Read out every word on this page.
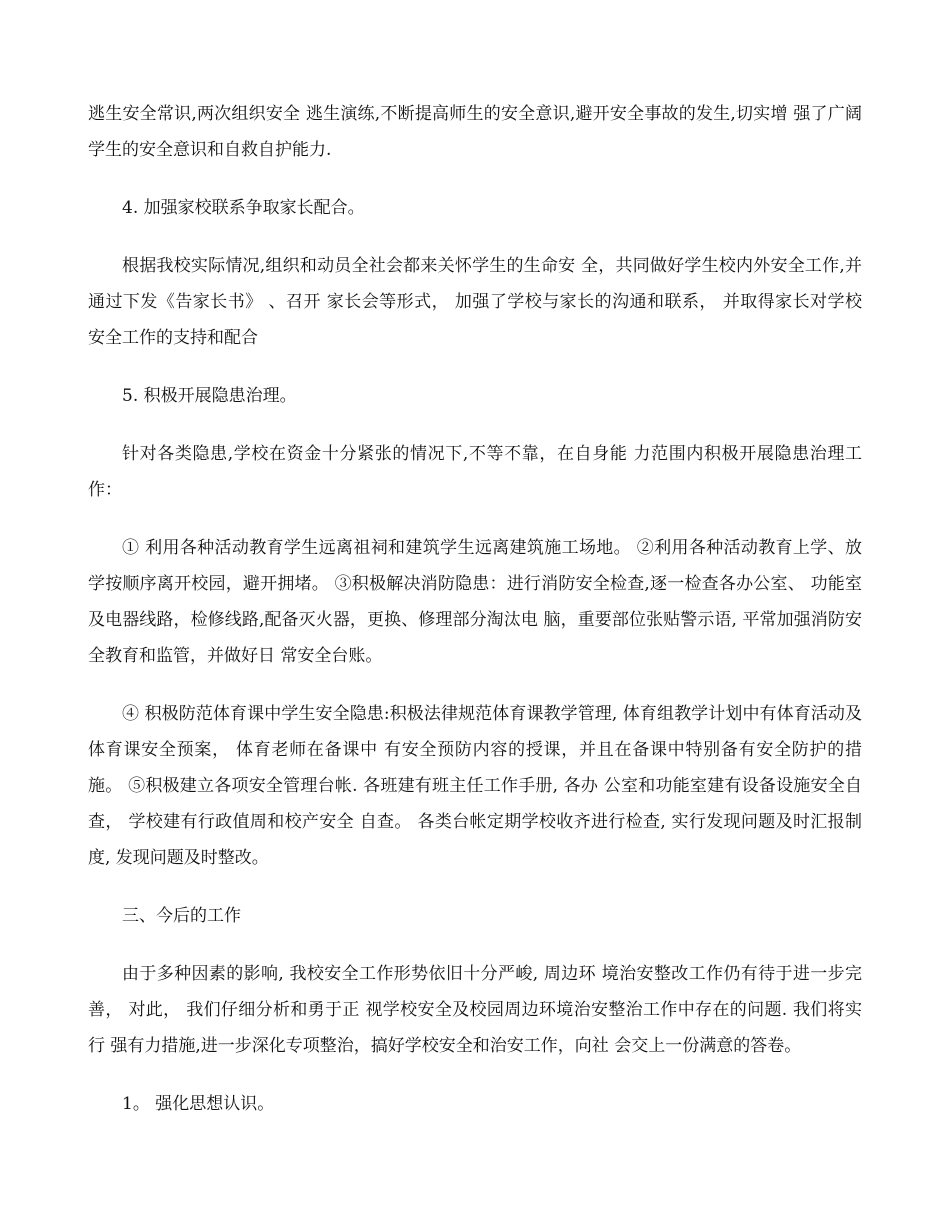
逃生安全常识,两次组织安全 逃生演练,不断提高师生的安全意识,避开安全事故的发生,切实增 强了广阔学生的安全意识和自救自护能力.

4. 加强家校联系争取家长配合。

根据我校实际情况,组织和动员全社会都来关怀学生的生命安 全，共同做好学生校内外安全工作,并通过下发《告家长书》 、召开 家长会等形式， 加强了学校与家长的沟通和联系， 并取得家长对学校 安全工作的支持和配合

5. 积极开展隐患治理。

针对各类隐患,学校在资金十分紧张的情况下,不等不靠，在自身能 力范围内积极开展隐患治理工作：

① 利用各种活动教育学生远离祖祠和建筑学生远离建筑施工场地。 ②利用各种活动教育上学、放学按顺序离开校园，避开拥堵。 ③积极解决消防隐患：进行消防安全检查,逐一检查各办公室、 功能室及电器线路，检修线路,配备灭火器，更换、修理部分淘汰电 脑，重要部位张贴警示语, 平常加强消防安全教育和监管，并做好日 常安全台账。

④ 积极防范体育课中学生安全隐患:积极法律规范体育课教学管理, 体育组教学计划中有体育活动及体育课安全预案， 体育老师在备课中 有安全预防内容的授课，并且在备课中特别备有安全防护的措施。 ⑤积极建立各项安全管理台帐. 各班建有班主任工作手册, 各办 公室和功能室建有设备设施安全自查， 学校建有行政值周和校产安全 自查。 各类台帐定期学校收齐进行检查, 实行发现问题及时汇报制度, 发现问题及时整改。

三、今后的工作

由于多种因素的影响, 我校安全工作形势依旧十分严峻, 周边环 境治安整改工作仍有待于进一步完善， 对此， 我们仔细分析和勇于正 视学校安全及校园周边环境治安整治工作中存在的问题. 我们将实行 强有力措施,进一步深化专项整治，搞好学校安全和治安工作，向社 会交上一份满意的答卷。

1。 强化思想认识。
